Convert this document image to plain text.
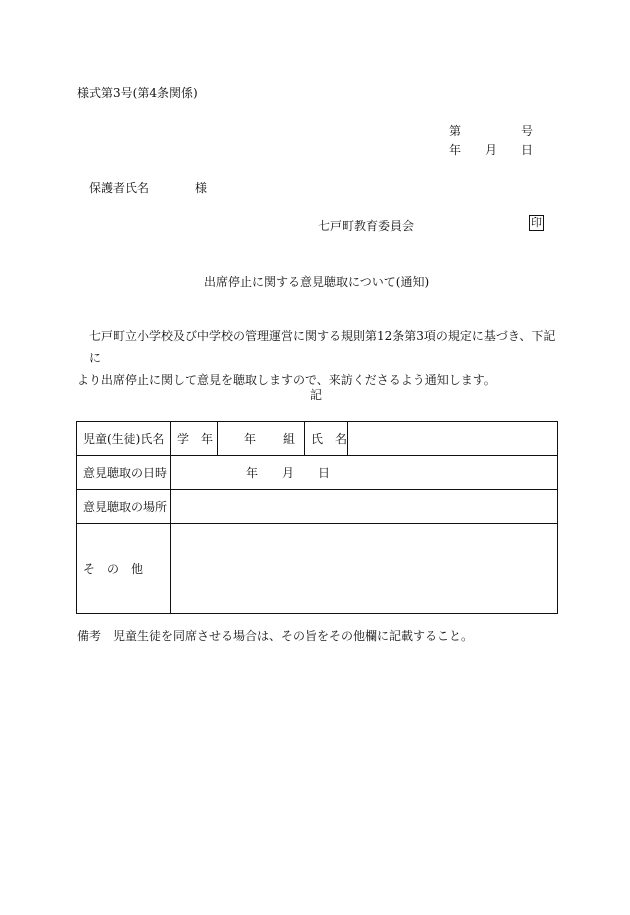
様式第3号(第4条関係)
第	号
年 月 日
保護者氏名	様
七戸町教育委員会	印
出席停止に関する意見聴取について(通知)
七戸町立小学校及び中学校の管理運営に関する規則第12条第3項の規定に基づき、下記に
より出席停止に関して意見を聴取しますので、来訪くださるよう通知します。
記
児童(生徒)氏名	学　年	年 組	氏　名	
意見聴取の日時	年 月 日			
意見聴取の場所				
そ　の　他				
備考　児童生徒を同席させる場合は、その旨をその他欄に記載すること。
